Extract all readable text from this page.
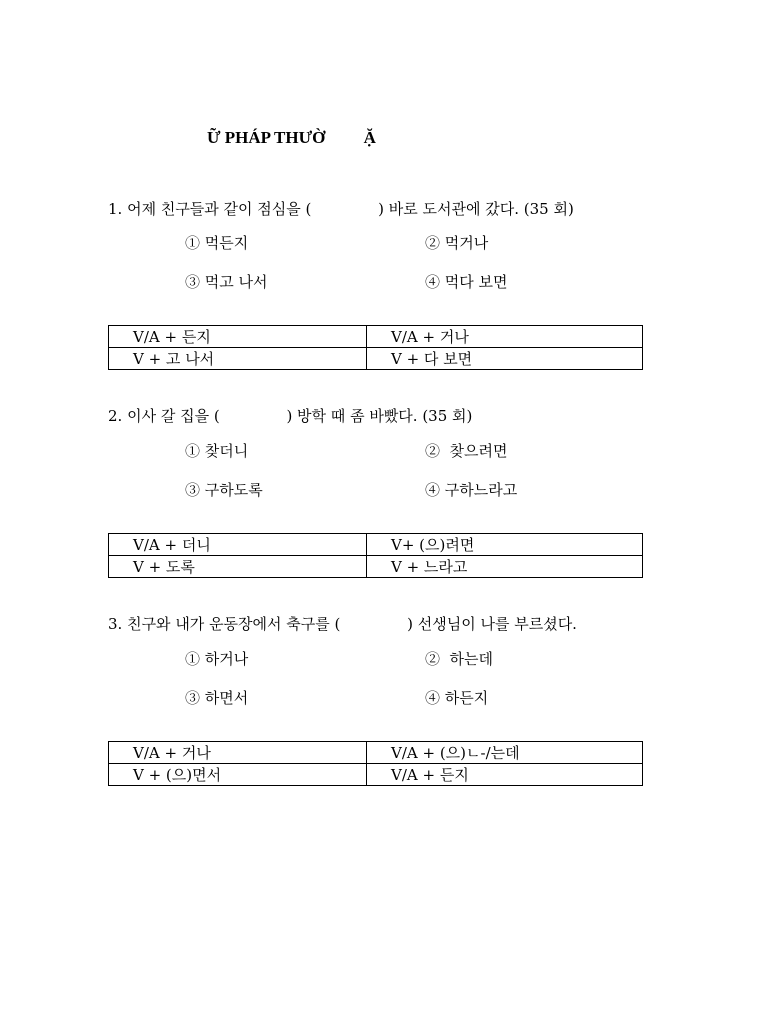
Ữ PHÁP THƯỜ         Ặ
1. 어제 친구들과 같이 점심을 (              ) 바로 도서관에 갔다. (35 회)
① 먹든지	② 먹거나
③ 먹고 나서	④ 먹다 보면
V/A + 든지	V/A + 거나
V + 고 나서	V + 다 보면
2. 이사 갈 집을 (              ) 방학 때 좀 바빴다. (35 회)
① 찾더니	②  찾으려면
③ 구하도록	④ 구하느라고
V/A + 더니	V+ (으)려면
V + 도록	V + 느라고
3. 친구와 내가 운동장에서 축구를 (              ) 선생님이 나를 부르셨다.
① 하거나	②  하는데
③ 하면서	④ 하든지
V/A + 거나	V/A + (으)ㄴ-/는데
V + (으)면서	V/A + 든지
